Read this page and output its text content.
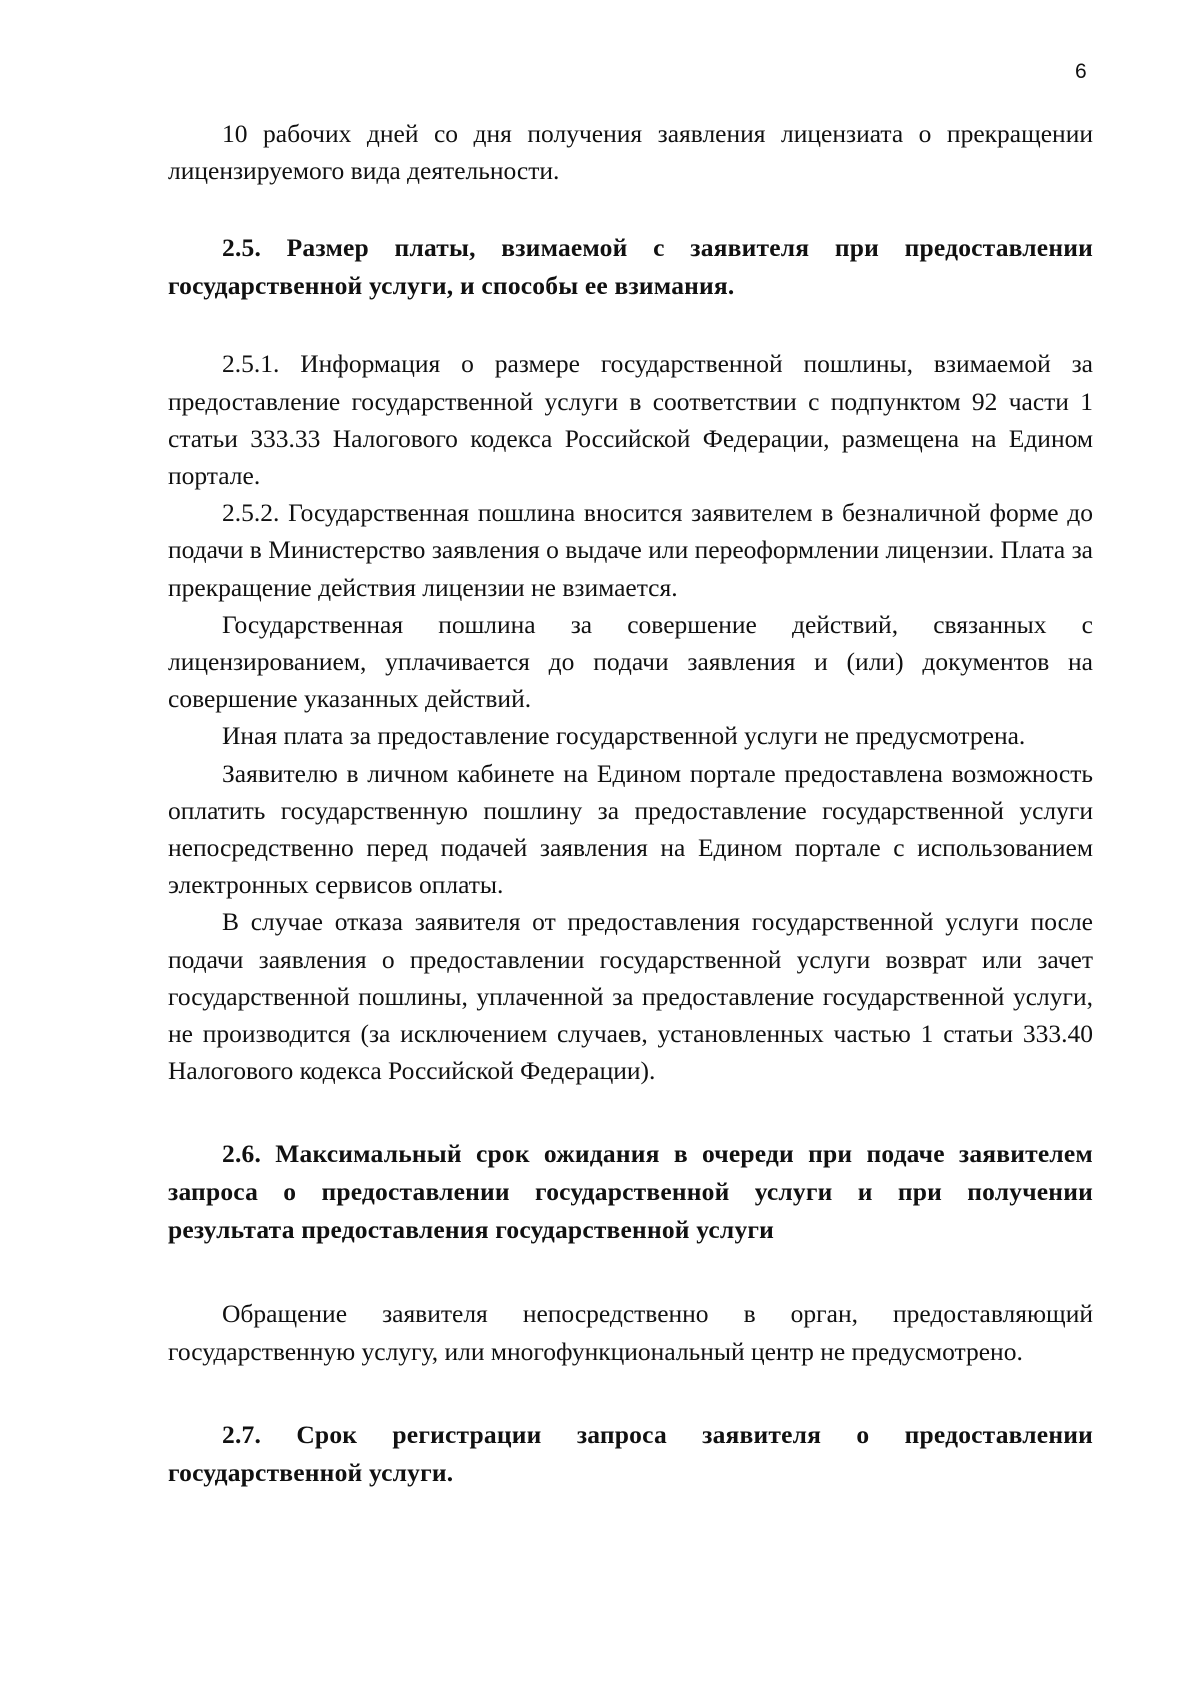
6

10 рабочих дней со дня получения заявления лицензиата о прекращении лицензируемого вида деятельности.

2.5. Размер платы, взимаемой с заявителя при предоставлении государственной услуги, и способы ее взимания.

2.5.1. Информация о размере государственной пошлины, взимаемой за предоставление государственной услуги в соответствии с подпунктом 92 части 1 статьи 333.33 Налогового кодекса Российской Федерации, размещена на Едином портале.

2.5.2. Государственная пошлина вносится заявителем в безналичной форме до подачи в Министерство заявления о выдаче или переоформлении лицензии. Плата за прекращение действия лицензии не взимается.

Государственная пошлина за совершение действий, связанных с лицензированием, уплачивается до подачи заявления и (или) документов на совершение указанных действий.

Иная плата за предоставление государственной услуги не предусмотрена.

Заявителю в личном кабинете на Едином портале предоставлена возможность оплатить государственную пошлину за предоставление государственной услуги непосредственно перед подачей заявления на Едином портале с использованием электронных сервисов оплаты.

В случае отказа заявителя от предоставления государственной услуги после подачи заявления о предоставлении государственной услуги возврат или зачет государственной пошлины, уплаченной за предоставление государственной услуги, не производится (за исключением случаев, установленных частью 1 статьи 333.40 Налогового кодекса Российской Федерации).

2.6. Максимальный срок ожидания в очереди при подаче заявителем запроса о предоставлении государственной услуги и при получении результата предоставления государственной услуги

Обращение заявителя непосредственно в орган, предоставляющий государственную услугу, или многофункциональный центр не предусмотрено.

2.7. Срок регистрации запроса заявителя о предоставлении государственной услуги.
